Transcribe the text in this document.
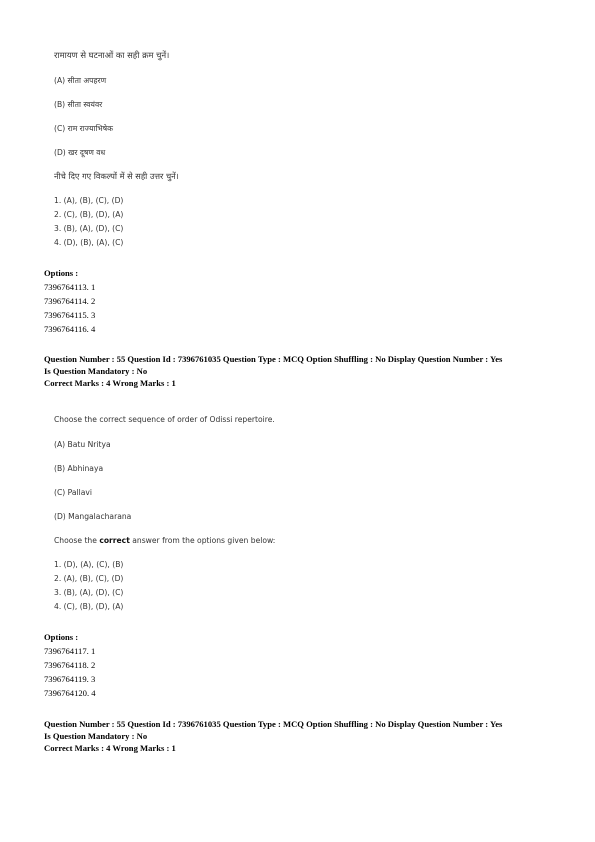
रामायण से घटनाओं का सही क्रम चुनें।
(A) सीता अपहरण
(B) सीता स्वयंवर
(C) राम राज्याभिषेक
(D) खर दूषण वध
नीचे दिए गए विकल्पों में से सही उत्तर चुनें।
1. (A), (B), (C), (D)
2. (C), (B), (D), (A)
3. (B), (A), (D), (C)
4. (D), (B), (A), (C)
Options :
7396764113. 1
7396764114. 2
7396764115. 3
7396764116. 4
Question Number : 55 Question Id : 7396761035 Question Type : MCQ Option Shuffling : No Display Question Number : Yes
Is Question Mandatory : No
Correct Marks : 4 Wrong Marks : 1
Choose the correct sequence of order of Odissi repertoire.
(A) Batu Nritya
(B) Abhinaya
(C) Pallavi
(D) Mangalacharana
Choose the correct answer from the options given below:
1. (D), (A), (C), (B)
2. (A), (B), (C), (D)
3. (B), (A), (D), (C)
4. (C), (B), (D), (A)
Options :
7396764117. 1
7396764118. 2
7396764119. 3
7396764120. 4
Question Number : 55 Question Id : 7396761035 Question Type : MCQ Option Shuffling : No Display Question Number : Yes
Is Question Mandatory : No
Correct Marks : 4 Wrong Marks : 1
